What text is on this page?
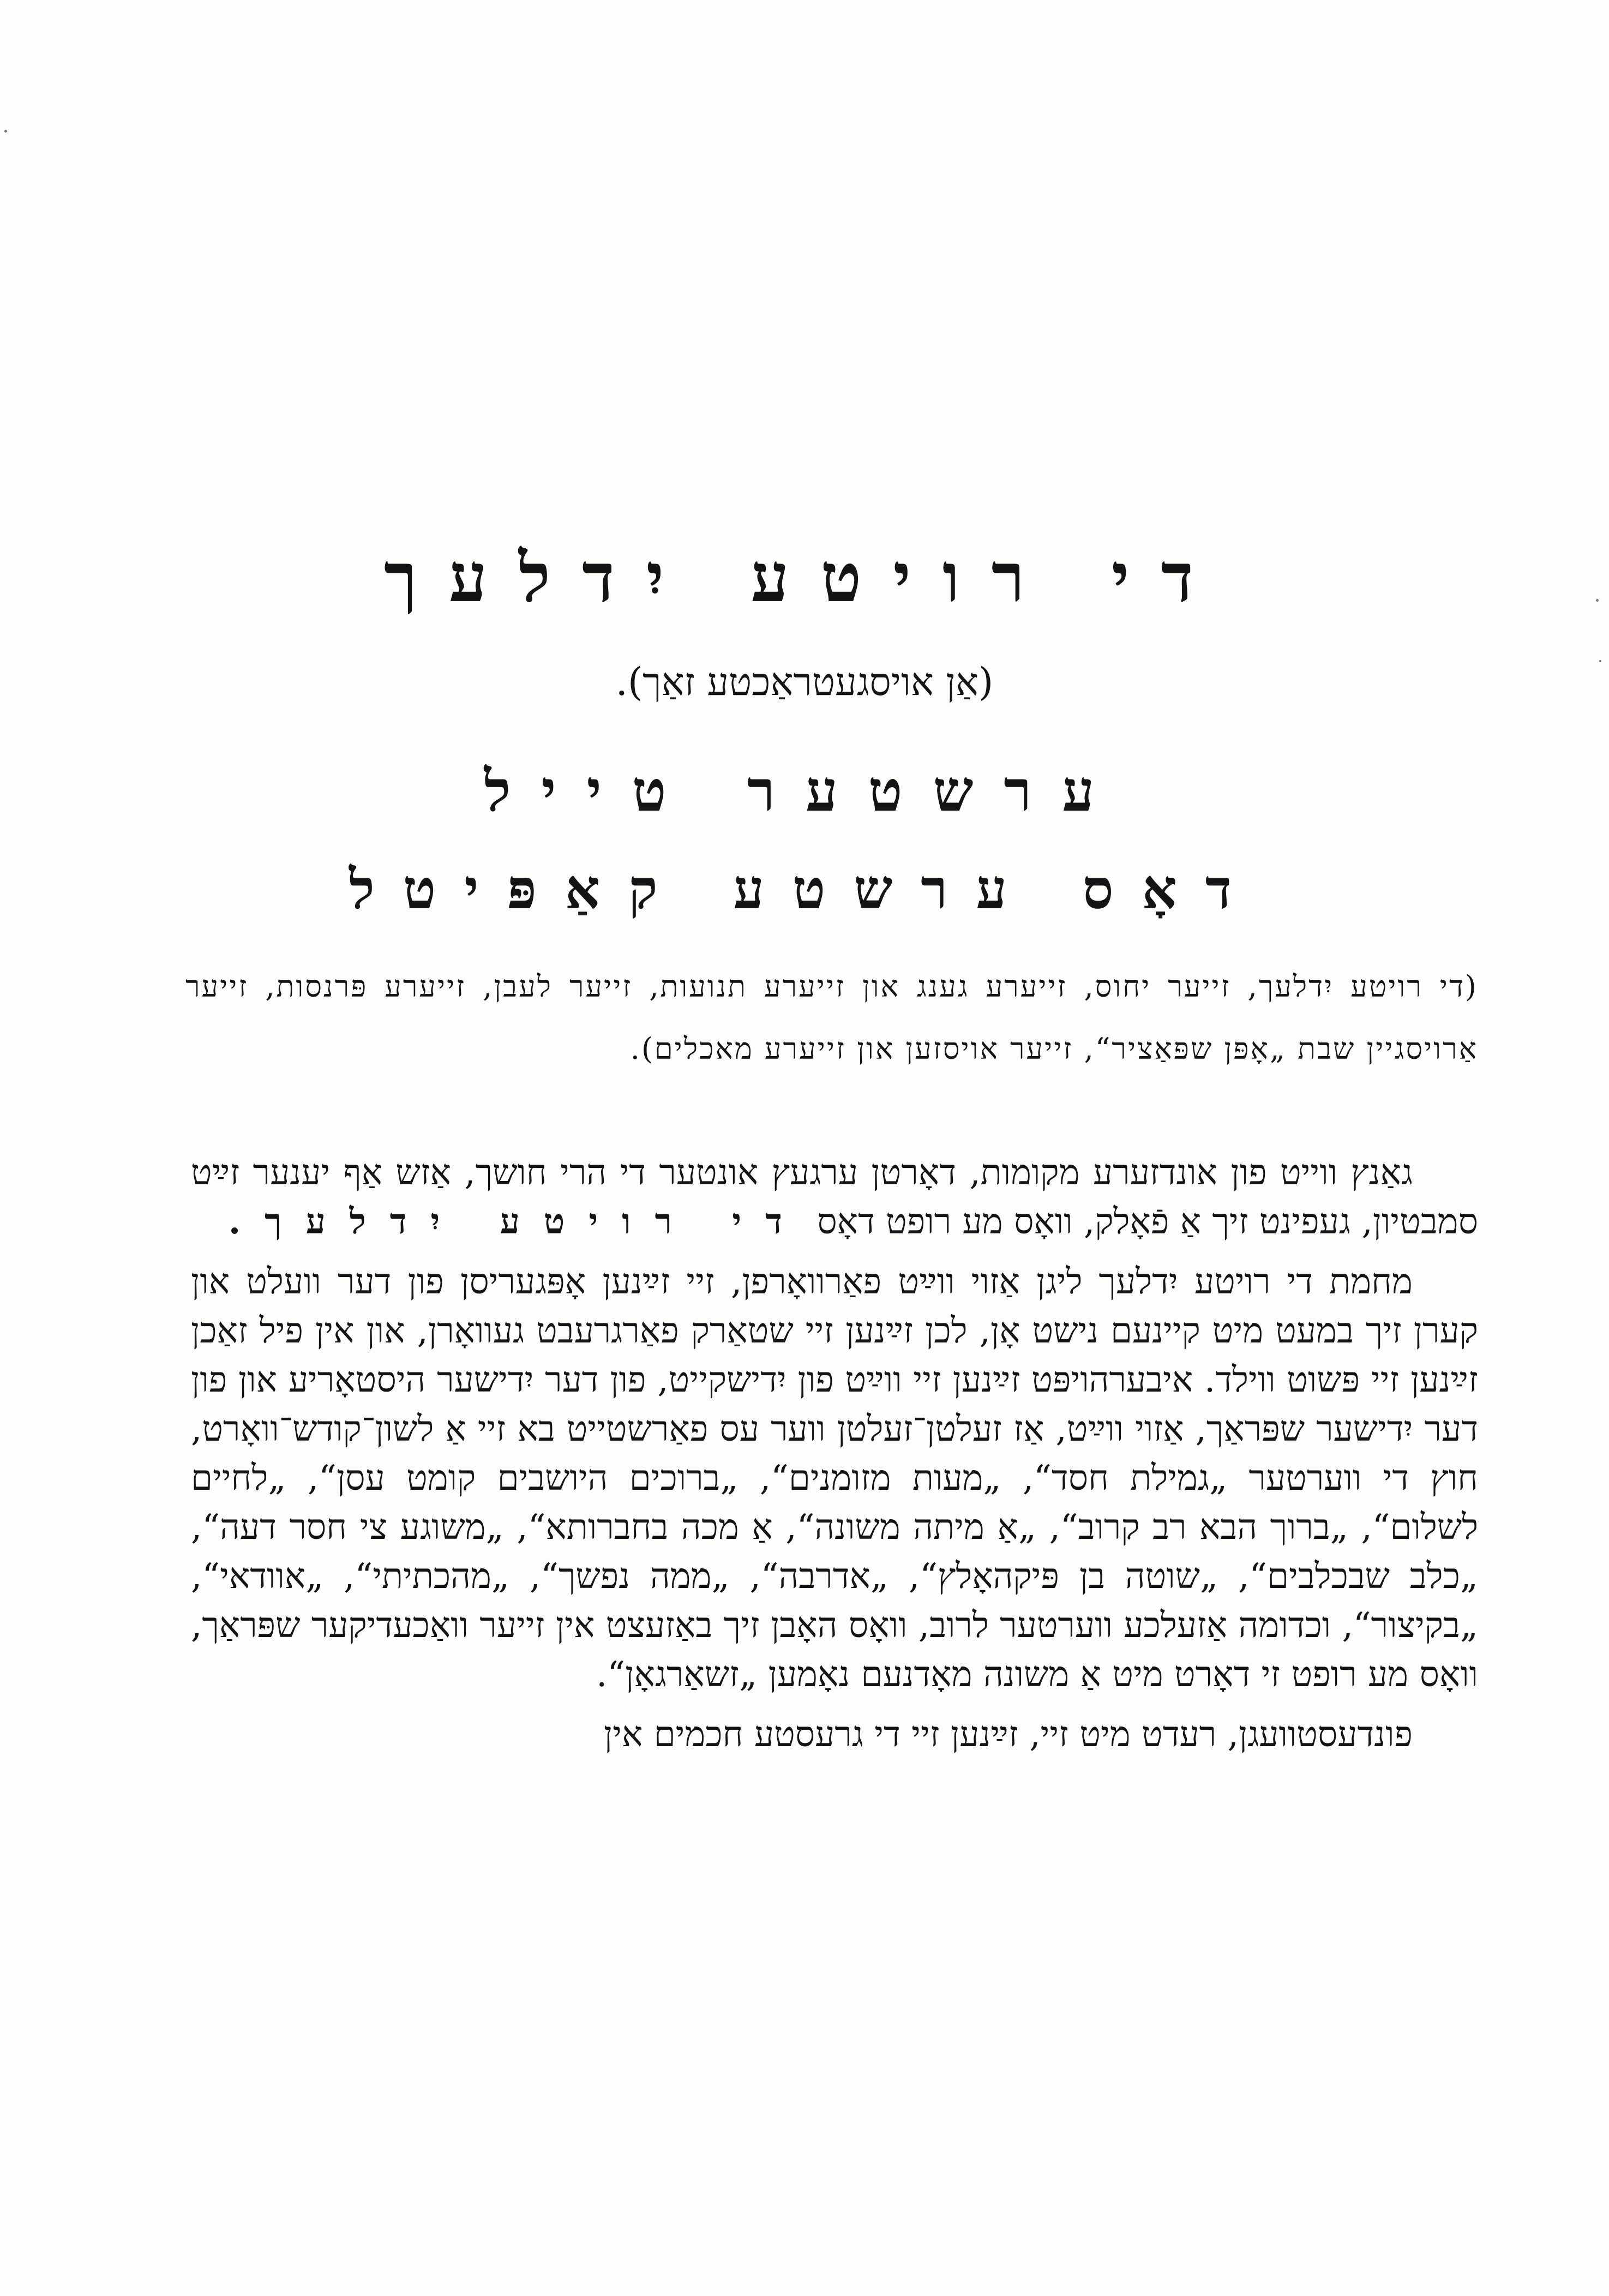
די רויטע יִדלעך
(אַן אויסגעטראַכטע זאַך).
ערשטער טייל
דאָס ערשטע קאַפּיטל
(די רויטע יִדלעך, זייער יחוס, זייערע גענג און זייערע תנועות, זייער לעבן, זייערע פּרנסות, זייער אַרויסגיין שבת „אָפּן שפּאַציר“, זייער אויסזען און זייערע מאכלים).

גאַנץ ווייט פון אונדזערע מקומות, דאָרטן ערגעץ אונטער די הרי חושך, אַזש אַף יענער זײַט סמבטיון, געפינט זיך אַ פֿאָלק, וואָס מע רופט דאָס די רויטע יִדלעך.

מחמת די רויטע יִדלעך ליגן אַזוי ווײַט פאַרוואָרפן, זיי זײַנען אָפּגעריסן פון דער וועלט און קערן זיך במעט מיט קיינעם נישט אָן, לכן זײַנען זיי שטאַרק פאַרגרעבט געוואָרן, און אין פיל זאַכן זײַנען זיי פּשוט ווילד. איבערהויפּט זײַנען זיי ווײַט פון יִדישקייט, פון דער יִדישער היסטאָריע און פון דער יִדישער שפּראַך, אַזוי ווײַט, אַז זעלטן־זעלטן ווער עס פאַרשטייט בא זיי אַ לשון־קודש־וואָרט, חוץ די ווערטער „גמילת חסד“, „מעות מזומנים“, „ברוכים היושבים קומט עסן“, „לחיים לשלום“, „ברוך הבא רב קרוב“, „אַ מיתה משונה“, אַ מכה בחברותא“, „משוגע צי חסר דעה“, „כלב שבכלבים“, „שוטה בן פּיקהאָלץ“, „אדרבה“, „ממה נפשך“, „מהכתיתי“, „אוודאי“, „בקיצור“, וכדומה אַזעלכע ווערטער לרוב, וואָס האָבן זיך באַזעצט אין זייער וואַכעדיקער שפּראַך, וואָס מע רופט זי דאָרט מיט אַ משונה מאָדנעם נאָמען „זשאַרגאָן“.

פונדעסטוועגן, רעדט מיט זיי, זײַנען זיי די גרעסטע חכמים אין
